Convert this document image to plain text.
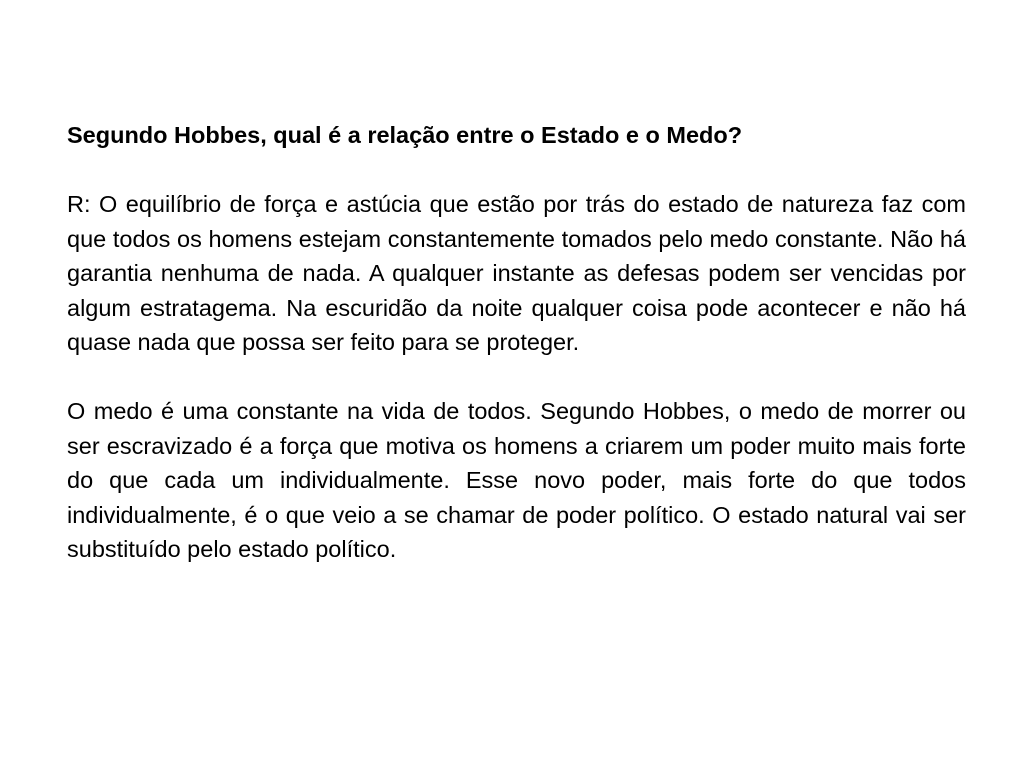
Segundo Hobbes, qual é a relação entre o Estado e o Medo?

R: O equilíbrio de força e astúcia que estão por trás do estado de natureza faz com que todos os homens estejam constantemente tomados pelo medo constante. Não há garantia nenhuma de nada. A qualquer instante as defesas podem ser vencidas por algum estratagema. Na escuridão da noite qualquer coisa pode acontecer e não há quase nada que possa ser feito para se proteger.

O medo é uma constante na vida de todos. Segundo Hobbes, o medo de morrer ou ser escravizado é a força que motiva os homens a criarem um poder muito mais forte do que cada um individualmente. Esse novo poder, mais forte do que todos individualmente, é o que veio a se chamar de poder político. O estado natural vai ser substituído pelo estado político.
